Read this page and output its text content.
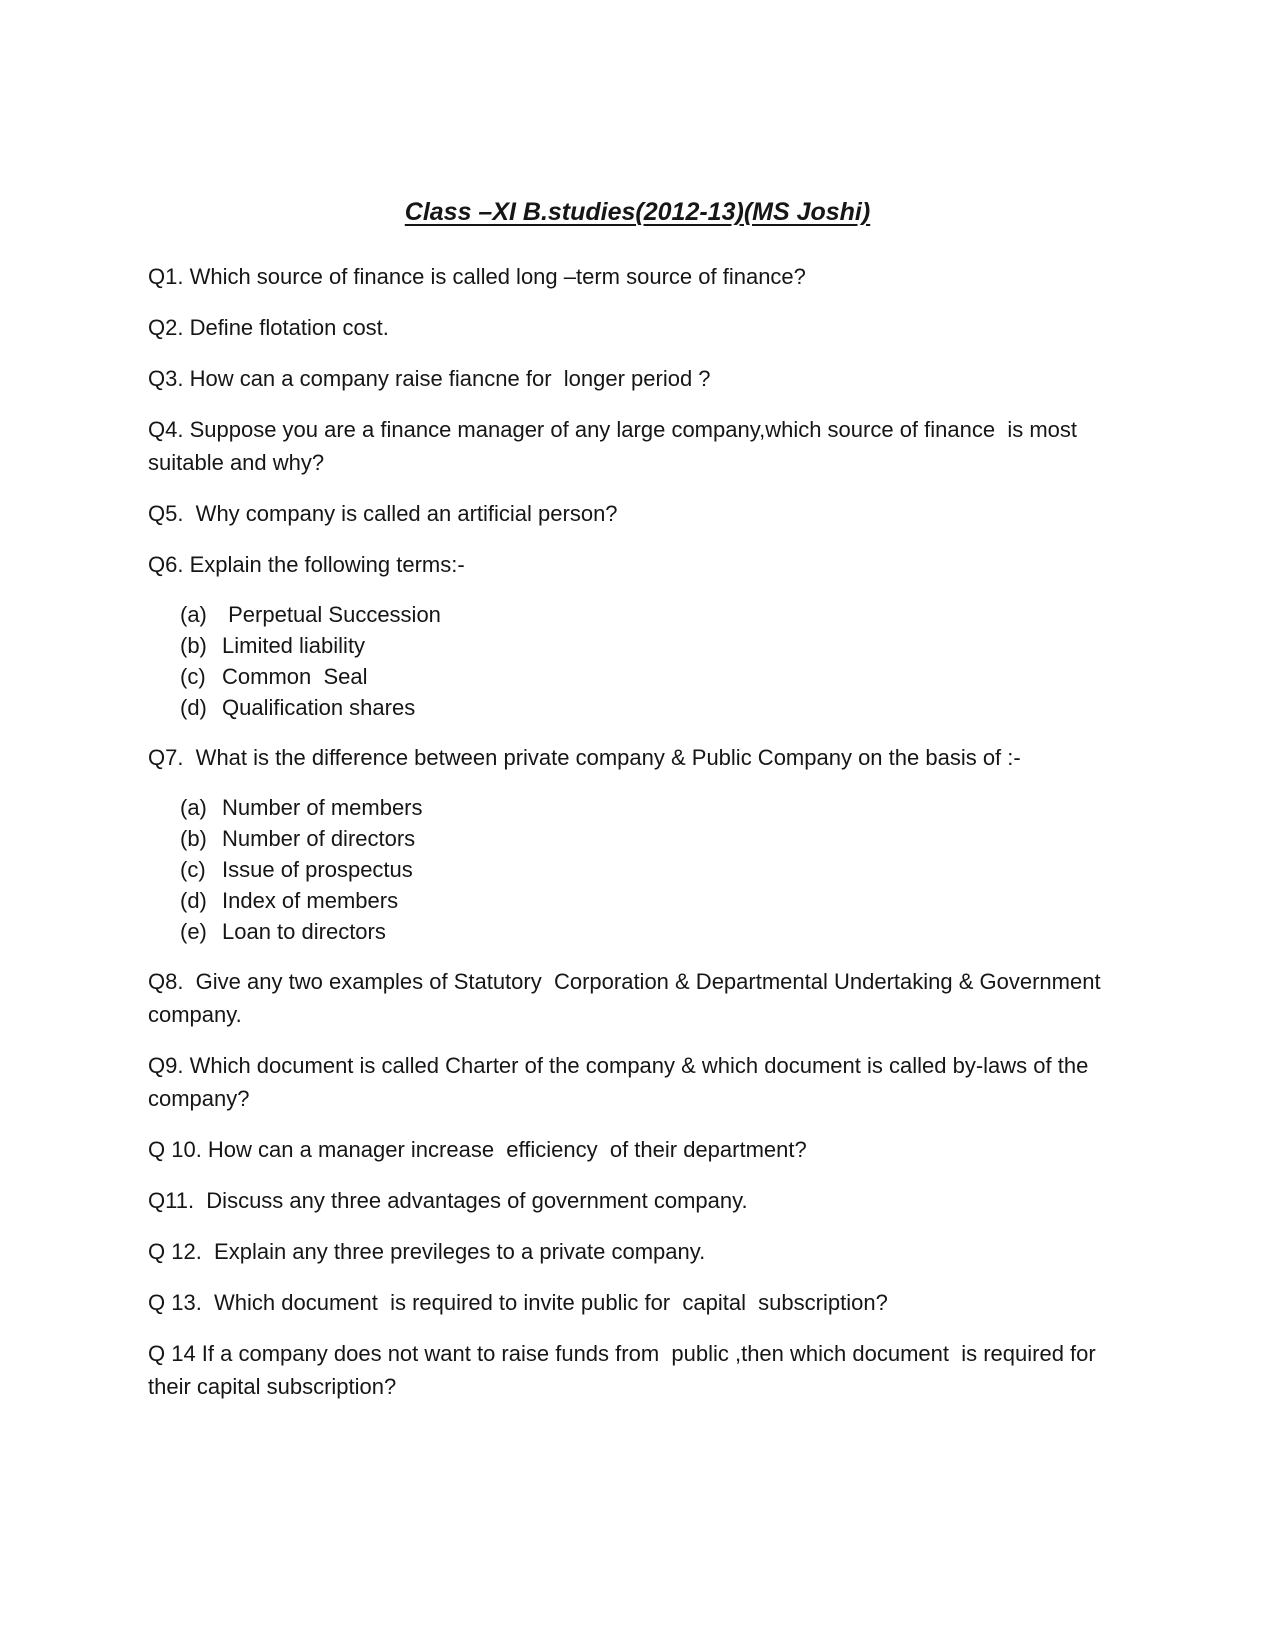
Class –XI B.studies(2012-13)(MS Joshi)

Q1. Which source of finance is called long –term source of finance?

Q2. Define flotation cost.

Q3. How can a company raise fiancne for  longer period ?

Q4. Suppose you are a finance manager of any large company,which source of finance  is most suitable and why?

Q5.  Why company is called an artificial person?

Q6. Explain the following terms:-

(a) Perpetual Succession
(b) Limited liability
(c) Common  Seal
(d) Qualification shares

Q7.  What is the difference between private company & Public Company on the basis of :-

(a) Number of members
(b) Number of directors
(c) Issue of prospectus
(d) Index of members
(e) Loan to directors

Q8.  Give any two examples of Statutory  Corporation & Departmental Undertaking & Government company.

Q9. Which document is called Charter of the company & which document is called by-laws of the company?

Q 10. How can a manager increase  efficiency  of their department?

Q11.  Discuss any three advantages of government company.

Q 12.  Explain any three previleges to a private company.

Q 13.  Which document  is required to invite public for  capital  subscription?

Q 14 If a company does not want to raise funds from  public ,then which document  is required for their capital subscription?
